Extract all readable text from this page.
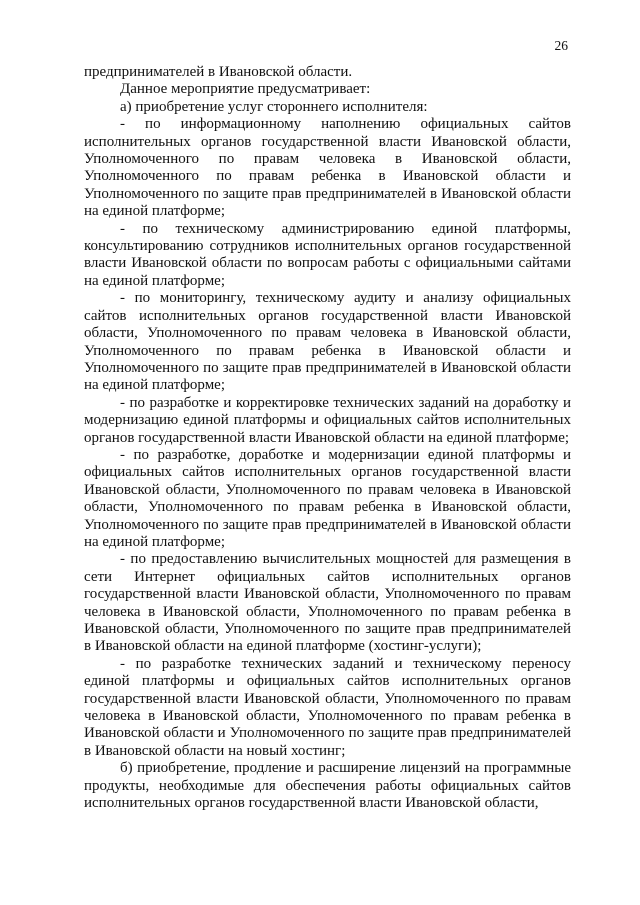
26

предпринимателей в Ивановской области.

Данное мероприятие предусматривает:

а) приобретение услуг стороннего исполнителя:

- по информационному наполнению официальных сайтов исполнительных органов государственной власти Ивановской области, Уполномоченного по правам человека в Ивановской области, Уполномоченного по правам ребенка в Ивановской области и Уполномоченного по защите прав предпринимателей в Ивановской области на единой платформе;

- по техническому администрированию единой платформы, консультированию сотрудников исполнительных органов государственной власти Ивановской области по вопросам работы с официальными сайтами на единой платформе;

- по мониторингу, техническому аудиту и анализу официальных сайтов исполнительных органов государственной власти Ивановской области, Уполномоченного по правам человека в Ивановской области, Уполномоченного по правам ребенка в Ивановской области и Уполномоченного по защите прав предпринимателей в Ивановской области на единой платформе;

- по разработке и корректировке технических заданий на доработку и модернизацию единой платформы и официальных сайтов исполнительных органов государственной власти Ивановской области на единой платформе;

- по разработке, доработке и модернизации единой платформы и официальных сайтов исполнительных органов государственной власти Ивановской области, Уполномоченного по правам человека в Ивановской области, Уполномоченного по правам ребенка в Ивановской области, Уполномоченного по защите прав предпринимателей в Ивановской области на единой платформе;

- по предоставлению вычислительных мощностей для размещения в сети Интернет официальных сайтов исполнительных органов государственной власти Ивановской области, Уполномоченного по правам человека в Ивановской области, Уполномоченного по правам ребенка в Ивановской области, Уполномоченного по защите прав предпринимателей в Ивановской области на единой платформе (хостинг-услуги);

- по разработке технических заданий и техническому переносу единой платформы и официальных сайтов исполнительных органов государственной власти Ивановской области, Уполномоченного по правам человека в Ивановской области, Уполномоченного по правам ребенка в Ивановской области и Уполномоченного по защите прав предпринимателей в Ивановской области на новый хостинг;

б) приобретение, продление и расширение лицензий на программные продукты, необходимые для обеспечения работы официальных сайтов исполнительных органов государственной власти Ивановской области,
